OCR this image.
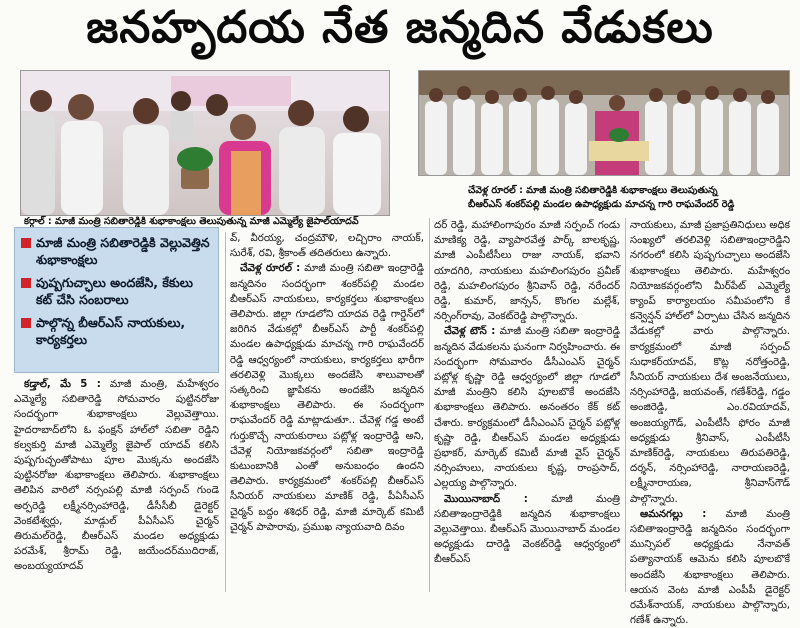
జనహృదయ నేత జన్మదిన వేడుకలు
కర్గాల్ : మాజీ మంత్రి సబితారెడ్డికి శుభాకాంక్షలు తెలుపుతున్న మాజీ ఎమ్మెల్యే జైపాల్‌యాదవ్
చేవెళ్ల రూరల్ : మాజీ మంత్రి సబితారెడ్డికి శుభాకాంక్షలు తెలుపుతున్న
బీఆర్ఎస్ శంకర్‌పల్లి మండల ఉపాధ్యక్షుడు మాచన్న గారి రాఘవేందర్ రెడ్డి
మాజీ మంత్రి సబితారెడ్డికి వెల్లువెత్తిన శుభాకాంక్షలు
పుష్పగుచ్ఛాలు అందజేసి, కేకులు కట్ చేసి సంబరాలు
పాల్గొన్న బీఆర్ఎస్ నాయకులు, కార్యకర్తలు

కడ్తాల్, మే 5 : మాజీ మంత్రి, మహేశ్వరం ఎమ్మెల్యే సబితారెడ్డి సోమవారం పుట్టినరోజు సందర్భంగా శుభాకాంక్షలు వెల్లువెత్తాయి. హైదరాబాద్‌లోని ఓ ఫంక్షన్ హాల్‌లో సబితా రెడ్డిని కల్వకుర్తి మాజీ ఎమ్మెల్యే జైపాల్ యాదవ్ కలిసి పుష్పగుచ్ఛంతోపాటు పూల మొక్కను అందజేసి పుట్టినరోజు శుభాకాంక్షలు తెలిపారు. శుభాకాంక్షలు తెలిపిన వారిలో నర్సంపల్లి మాజీ సర్పంచ్ గుండె అర్పరెడ్డి లక్ష్మీనర్సింహారెడ్డి, డీసీసీబీ డైరెక్టర్ వెంకటేశ్వర్లు, మాడ్గుల్ పీఏసీఎస్ చైర్మన్ తిరుమల్‌రెడ్డి, బీఆర్ఎస్ మండల అధ్యక్షుడు పరమేశ్, శ్రీరామ్ రెడ్డి, జయేందర్‌ముదిరాజ్, అంబయ్యయాదవ్

వ్, వీరయ్య, చంద్రమౌళి, లచ్చిరాం నాయక్, సురేశ్, రవి, శ్రీకాంత్ తదితరులు ఉన్నారు.

చేవెళ్ల రూరల్ : మాజీ మంత్రి సబితా ఇంద్రారెడ్డి జన్మదినం సందర్భంగా శంకర్‌పల్లి మండల బీఆర్ఎస్ నాయకులు, కార్యకర్తలు శుభాకాంక్షలు తెలిపారు. జిల్లా గూడలోని యాదవ రెడ్డి గార్డెన్‌లో జరిగిన వేడుకల్లో బీఆర్ఎస్ పార్టీ శంకర్‌పల్లి మండల ఉపాధ్యక్షుడు మాచన్న గారి రాఘవేందర్ రెడ్డి ఆధ్వర్యంలో నాయకులు, కార్యకర్తలు భారీగా తరలివెళ్లి మొక్కలు అందజేసి శాలువాలతో సత్కరించి జ్ఞాపికను అందజేసి జన్మదిన శుభాకాంక్షలు తెలిపారు. ఈ సందర్భంగా రాఘవేందర్ రెడ్డి మాట్లాడుతూ.. చేవెళ్ల గడ్డ అంటే గుర్తుకొచ్చే నాయకురాలు పట్లోళ్ల ఇంద్రారెడ్డి అని, చేవెళ్ల నియోజకవర్గంలో సబితా ఇంద్రారెడ్డి కుటుంబానికి ఎంతో అనుబంధం ఉందని తెలిపారు. కార్యక్రమంలో శంకర్‌పల్లి బీఆర్ఎస్ సీనియర్ నాయకులు మాణిక్ రెడ్డి, పీఏసీఎస్ చైర్మన్ బద్దం శశిధర్ రెడ్డి, మాజీ మార్కెట్ కమిటీ చైర్మన్ పాపారావు, ప్రముఖ న్యాయవాది దివం

దర్ రెడ్డి, మహాలింగాపురం మాజీ సర్పంచ్ గండు మాణిక్య రెడ్డి, వ్యాపారవేత్త పార్క్ బాలకృష్ణ, మాజీ ఎంపీటీసీలు రాజు నాయక్, భవాని యాదగిరి, నాయకులు మహలింగపురం ప్రవీణ్ రెడ్డి, మహలింగపురం శ్రీనివాస్ రెడ్డి, నరేందర్ రెడ్డి, కుమార్, జాన్సన్, కొంగల మల్లేశ్, నర్సింగ్‌రావు, వెంకట్‌రెడ్డి పాల్గొన్నారు.

చేవెళ్ల టౌన్ : మాజీ మంత్రి సబితా ఇంద్రారెడ్డి జన్మదిన వేడుకలను ఘనంగా నిర్వహించారు. ఈ సందర్భంగా సోమవారం డీసీఎంఎస్ చైర్మన్ పట్లోళ్ల కృష్ణా రెడ్డి ఆధ్వర్యంలో జిల్లా గూడలో మాజీ మంత్రిని కలిసి పూలబొకే అందజేసి శుభాకాంక్షలు తెలిపారు. అనంతరం కేక్ కట్ చేశారు. కార్యక్రమంలో డీసీఎంఎస్ చైర్మన్ పట్లోళ్ల కృష్ణా రెడ్డి, బీఆర్ఎస్ మండల అధ్యక్షుడు ప్రభాకర్, మార్కెట్ కమిటీ మాజీ వైస్ చైర్మన్ నర్సింహులు, నాయకులు కృష్ణ, రాంప్రసాద్, ఎల్లయ్య పాల్గొన్నారు.

మొయినాబాద్ : మాజీ మంత్రి సబితాఇంద్రారెడ్డికి జన్మదిన శుభాకాంక్షలు వెల్లువెత్తాయి. బీఆర్ఎస్ మొయినాబాద్ మండల అధ్యక్షుడు దారెడ్డి వెంకట్‌రెడ్డి ఆధ్వర్యంలో బీఆర్ఎస్

నాయకులు, మాజీ ప్రజాప్రతినిధులు అధిక సంఖ్యలో తరలివెళ్లి సబితాఇంద్రారెడ్డిని నగరంలో కలిసి పుష్పగుచ్ఛాలు అందజేసి శుభాకాంక్షలు తెలిపారు. మహేశ్వరం నియోజకవర్గంలోని మీర్‌పేట్ ఎమ్మెల్యే క్యాంప్ కార్యాలయం సమీపంలోని కే కన్వెన్షన్ హాల్‌లో ఏర్పాటు చేసిన జన్మదిన వేడుకల్లో వారు పాల్గొన్నారు. కార్యక్రమంలో మాజీ సర్పంచ్ సుధాకర్‌యాదవ్, కొట్ల నరోత్తంరెడ్డి, సీనియర్ నాయకులు దేశ అంజనేయులు, నర్సింహారెడ్డి, జయవంత్, గణేశ్‌రెడ్డి, గడ్డం అంజిరెడ్డి, ఎం.రవియాదవ్, అంజయ్యగౌడ్, ఎంపీటీసీ ఫోరం మాజీ అధ్యక్షుడు శ్రీనివాస్, ఎంపీటీసీ మాణిక్‌రెడ్డి, నాయకులు తిరుపతిరెడ్డి, దర్శన్, నర్సింహారెడ్డి, నారాయణరెడ్డి, లక్ష్మీనారాయణ, శ్రీనివాస్‌గౌడ్ పాల్గొన్నారు.

ఆమనగల్లు : మాజీ మంత్రి సబితాఇంద్రారెడ్డి జన్మదినం సందర్భంగా మున్సిపల్ అధ్యక్షుడు నేనావత్ పత్యానాయక్ ఆమెను కలిసి పూలబొకే అందజేసి శుభాకాంక్షలు తెలిపారు. ఆయన వెంట మాజీ ఎంపీపీ డైరెక్టర్ రమేశ్‌నాయక్, నాయకులు పాల్గొన్నారు, గణేశ్ ఉన్నారు.
